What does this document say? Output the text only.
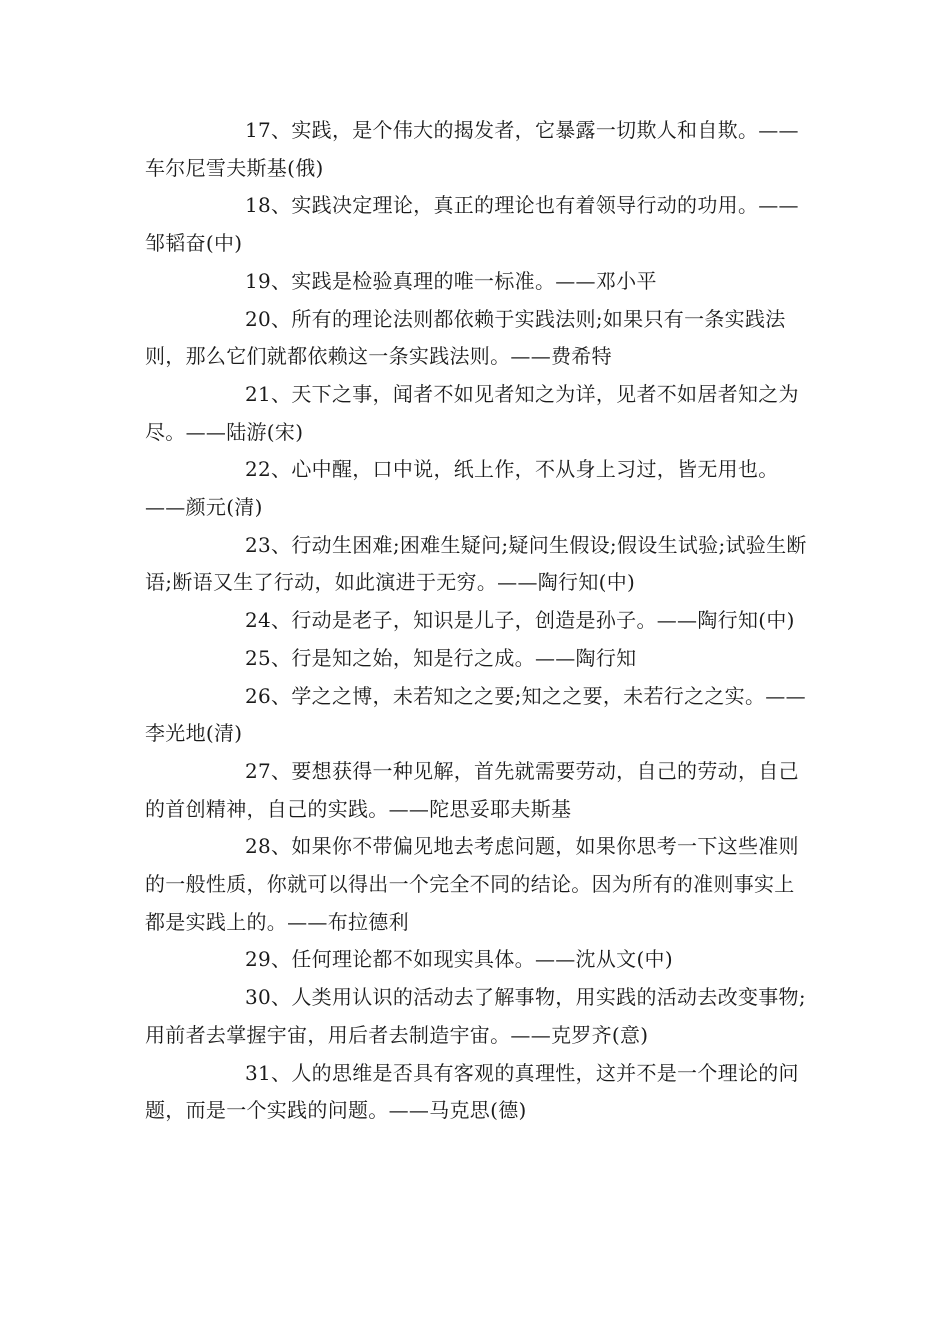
17、实践，是个伟大的揭发者，它暴露一切欺人和自欺。——车尔尼雪夫斯基(俄)

18、实践决定理论，真正的理论也有着领导行动的功用。——邹韬奋(中)

19、实践是检验真理的唯一标准。——邓小平

20、所有的理论法则都依赖于实践法则;如果只有一条实践法则，那么它们就都依赖这一条实践法则。——费希特

21、天下之事，闻者不如见者知之为详，见者不如居者知之为尽。——陆游(宋)

22、心中醒，口中说，纸上作，不从身上习过，皆无用也。——颜元(清)

23、行动生困难;困难生疑问;疑问生假设;假设生试验;试验生断语;断语又生了行动，如此演进于无穷。——陶行知(中)

24、行动是老子，知识是儿子，创造是孙子。——陶行知(中)

25、行是知之始，知是行之成。——陶行知

26、学之之博，未若知之之要;知之之要，未若行之之实。——李光地(清)

27、要想获得一种见解，首先就需要劳动，自己的劳动，自己的首创精神，自己的实践。——陀思妥耶夫斯基

28、如果你不带偏见地去考虑问题，如果你思考一下这些准则的一般性质，你就可以得出一个完全不同的结论。因为所有的准则事实上都是实践上的。——布拉德利

29、任何理论都不如现实具体。——沈从文(中)

30、人类用认识的活动去了解事物，用实践的活动去改变事物;用前者去掌握宇宙，用后者去制造宇宙。——克罗齐(意)

31、人的思维是否具有客观的真理性，这并不是一个理论的问题，而是一个实践的问题。——马克思(德)
